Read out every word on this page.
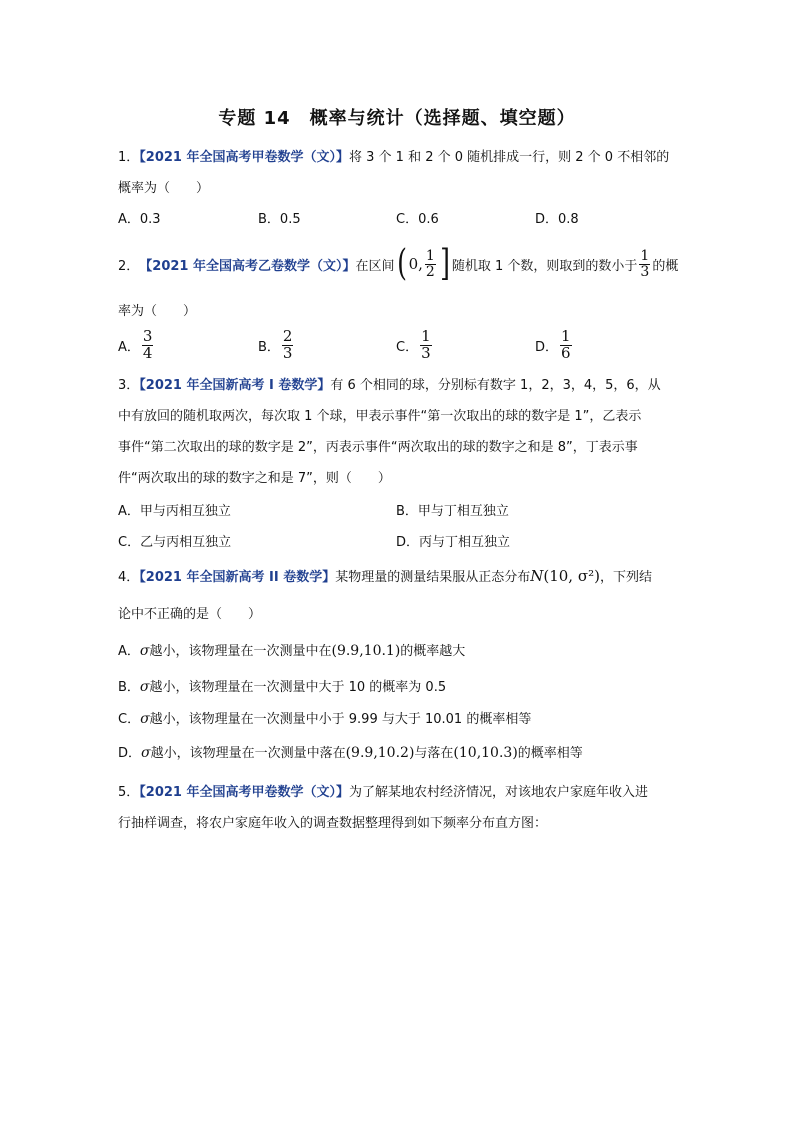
专题 14　概率与统计（选择题、填空题）
1．【2021 年全国高考甲卷数学（文）】将 3 个 1 和 2 个 0 随机排成一行，则 2 个 0 不相邻的
概率为（　　）
A．0.3	B．0.5	C．0.6	D．0.8
2． 【2021 年全国高考乙卷数学（文）】 在区间 ( 0, $\frac{1}{2}$ ] 随机取 1 个数，则取到的数小于 $\frac{1}{3}$ 的概
率为（　　）
A． $\frac{3}{4}$	B． $\frac{2}{3}$	C． $\frac{1}{3}$	D． $\frac{1}{6}$
3．【2021 年全国新高考 I 卷数学】有 6 个相同的球，分别标有数字 1，2，3，4，5，6，从
中有放回的随机取两次，每次取 1 个球，甲表示事件“第一次取出的球的数字是 1”，乙表示
事件“第二次取出的球的数字是 2”，丙表示事件“两次取出的球的数字之和是 8”，丁表示事
件“两次取出的球的数字之和是 7”，则（　　）
A．甲与丙相互独立	B．甲与丁相互独立
C．乙与丙相互独立	D．丙与丁相互独立
4．【2021 年全国新高考 II 卷数学】某物理量的测量结果服从正态分布N(10, σ²)，下列结
论中不正确的是（　　）
A．σ越小，该物理量在一次测量中在(9.9,10.1)的概率越大
B．σ越小，该物理量在一次测量中大于 10 的概率为 0.5
C．σ越小，该物理量在一次测量中小于 9.99 与大于 10.01 的概率相等
D．σ越小，该物理量在一次测量中落在(9.9,10.2)与落在(10,10.3)的概率相等
5．【2021 年全国高考甲卷数学（文）】为了解某地农村经济情况，对该地农户家庭年收入进
行抽样调查，将农户家庭年收入的调查数据整理得到如下频率分布直方图：
